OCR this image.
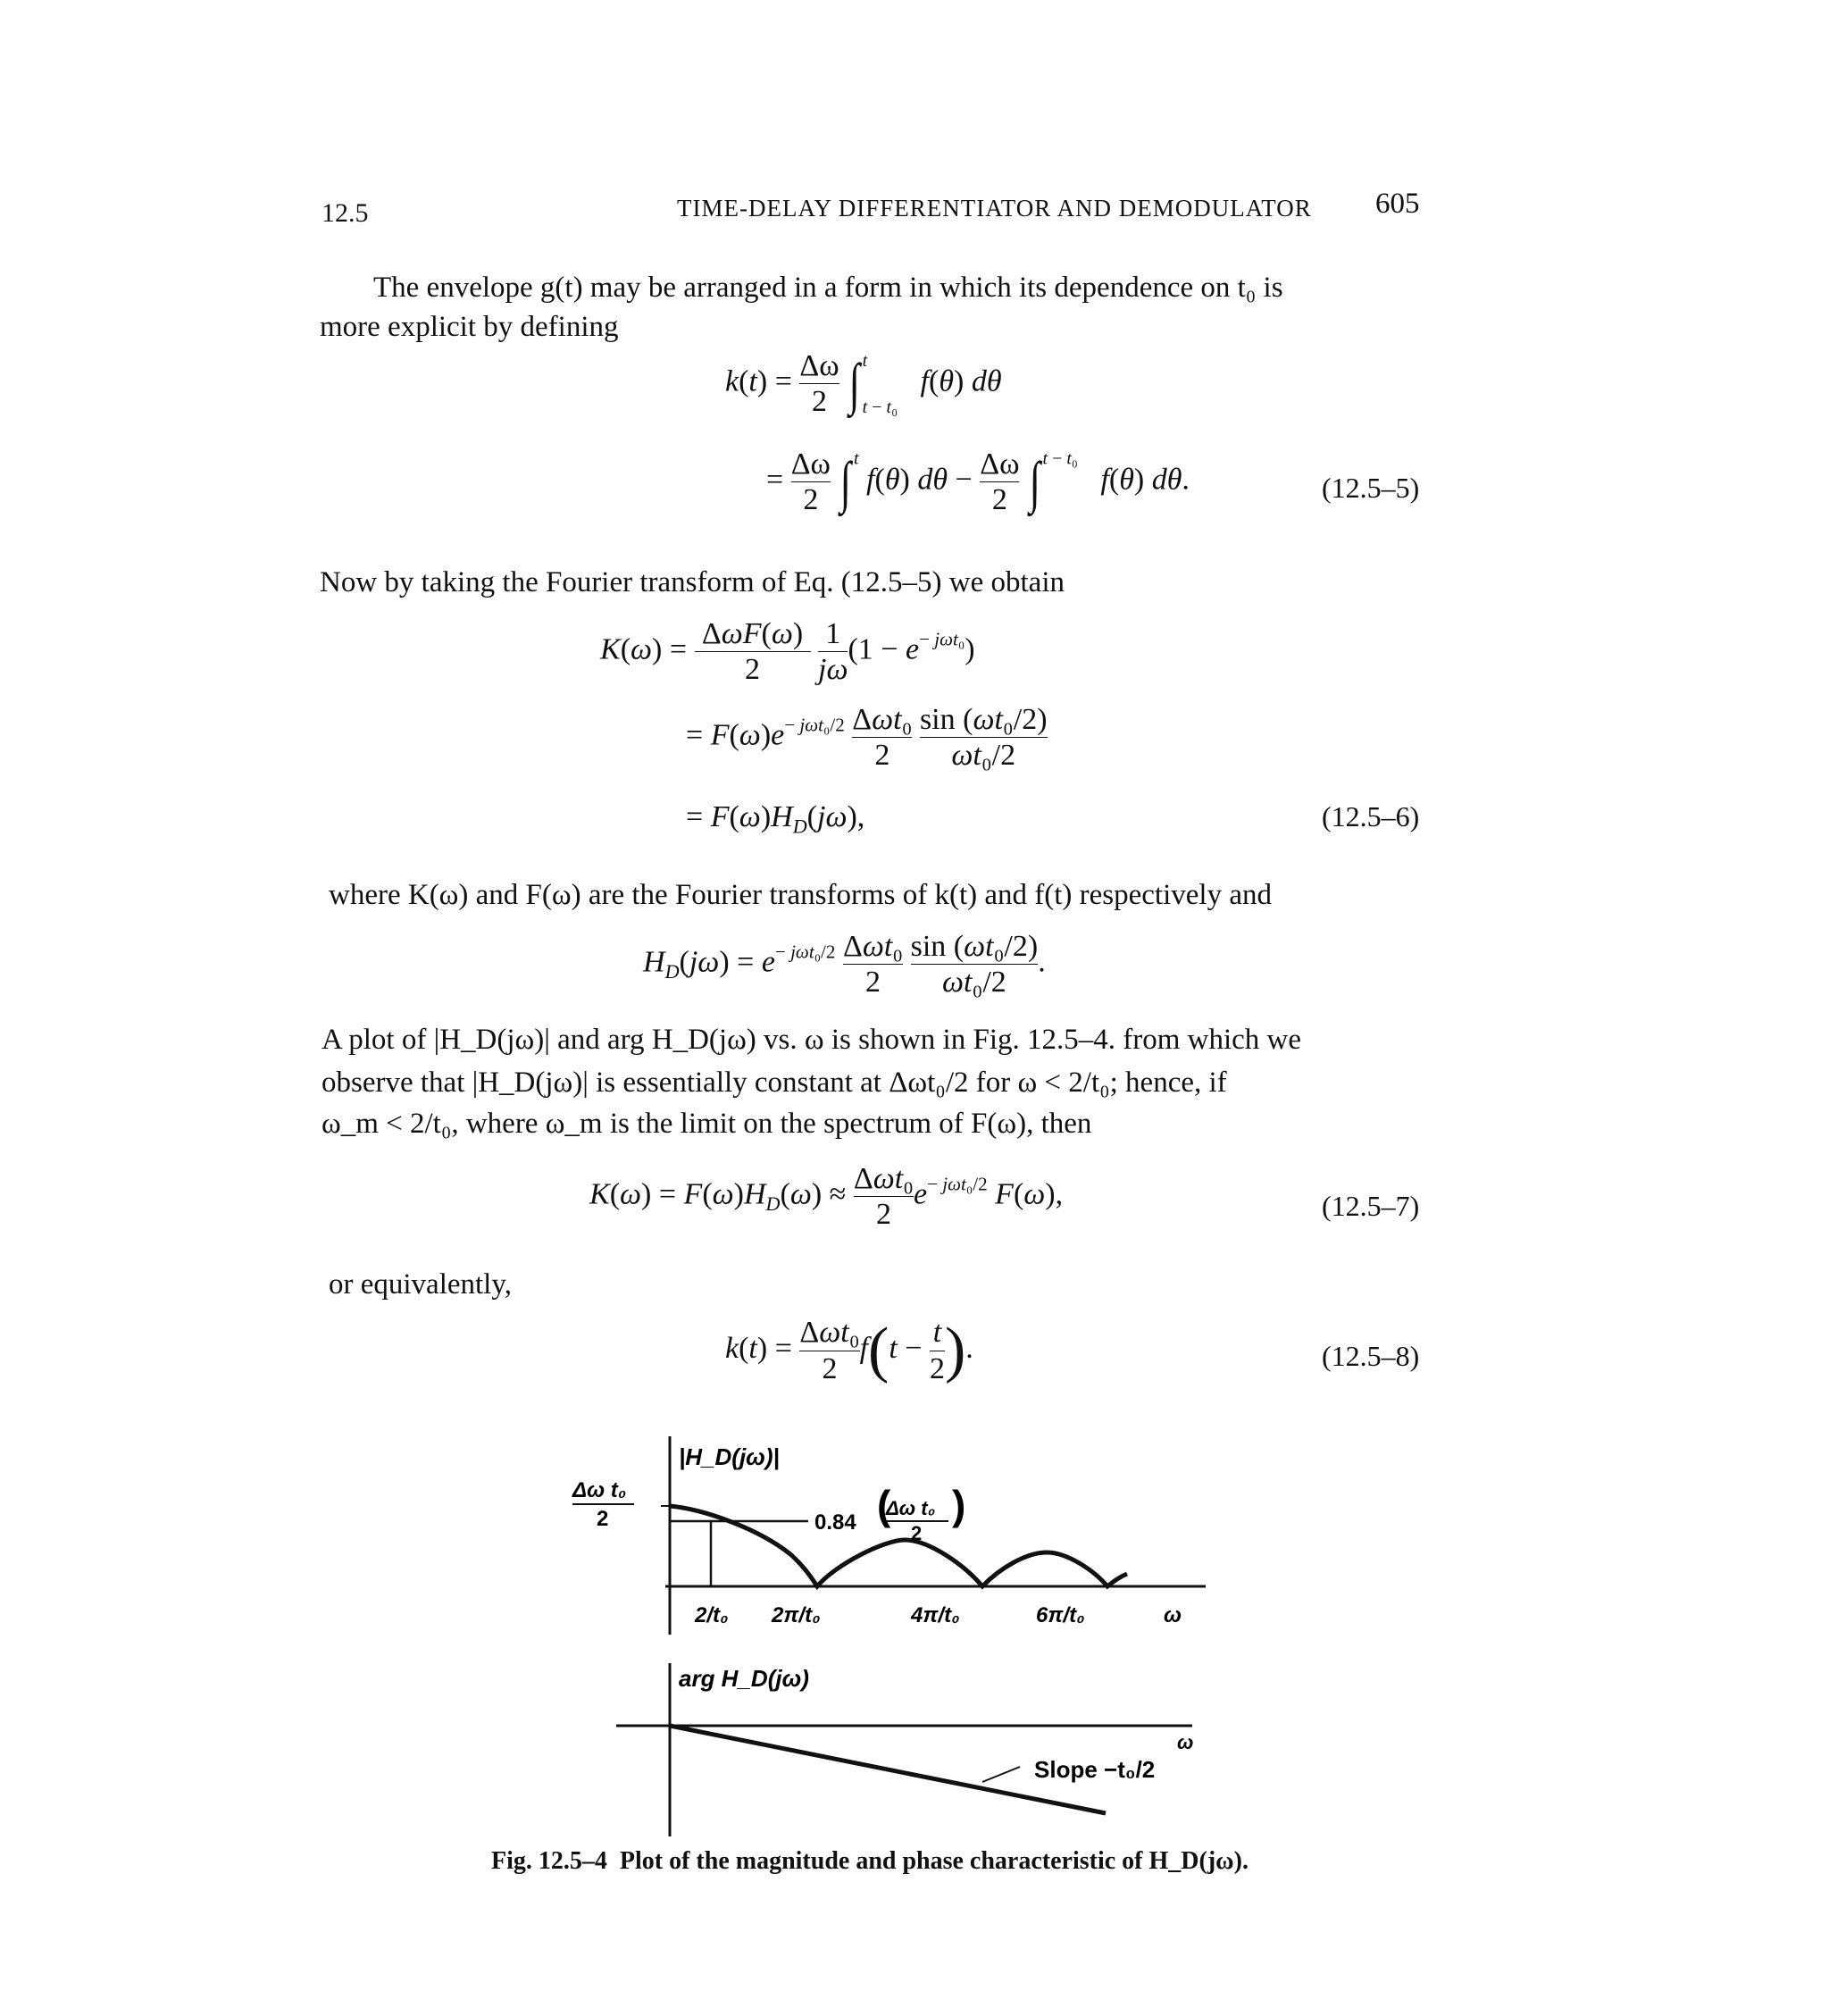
12.5	TIME-DELAY DIFFERENTIATOR AND DEMODULATOR 605
The envelope g(t) may be arranged in a form in which its dependence on t₀ is
more explicit by defining
$k(t) = \frac{\Delta\omega}{2}$ ∫ t
t − t₀
f(θ) dθ
= $\frac{\Delta\omega}{2}$ ∫ $^t$ f(θ) $d\theta - \frac{\Delta\omega}{2}$ ∫ $^{t - t_0}$   f(θ) dθ.	(12.5–5)
Now by taking the Fourier transform of Eq. (12.5–5) we obtain
$K(\omega) = \frac{\text{ΔωF(ω)}}{2}$
$\frac{1}{j\omega} (1 - e^{- j\omega t_0})$
= $F(\omega)e^{- j\omega t_0/2} \frac{\text{Δωt₀}}{2}$
$\frac{\text{sin (ωt₀/2)}}{\text{ωt₀/2}}$
= $F(\omega)H_D(j\omega)$,	(12.5–6)
where K(ω) and F(ω) are the Fourier transforms of k(t) and f(t) respectively and
$H_D(j\omega) = e^{- j\omega t_0/2} \frac{\text{Δωt₀}}{2}$
$\frac{\text{sin (ωt₀/2)}}{\text{ωt₀/2}}$ .
A plot of |H_D(jω)| and arg H_D(jω) vs. ω is shown in Fig. 12.5–4. from which we
observe that |H_D(jω)| is essentially constant at Δωt₀/2 for ω < 2/t₀; hence, if
ω_m < 2/t₀, where ω_m is the limit on the spectrum of F(ω), then
$K(\omega) = F(\omega)H_D(\omega) \approx \frac{\text{Δωt₀}}{2} e^{- j\omega t_0/2}$ F(ω),	(12.5–7)
or equivalently,
$k(t) = \frac{\text{Δωt₀}}{2} f(t - \frac{t}{2}$ ).	(12.5–8)
|H_D(jω)|
Δω t₀
2	0.84 (
Δω t₀
2
)
2/t₀ 2π/t₀	4π/t₀	6π/t₀	ω
arg H_D(jω)
ω
Slope −t₀/2
Fig. 12.5–4 Plot of the magnitude and phase characteristic of H_D(jω).
